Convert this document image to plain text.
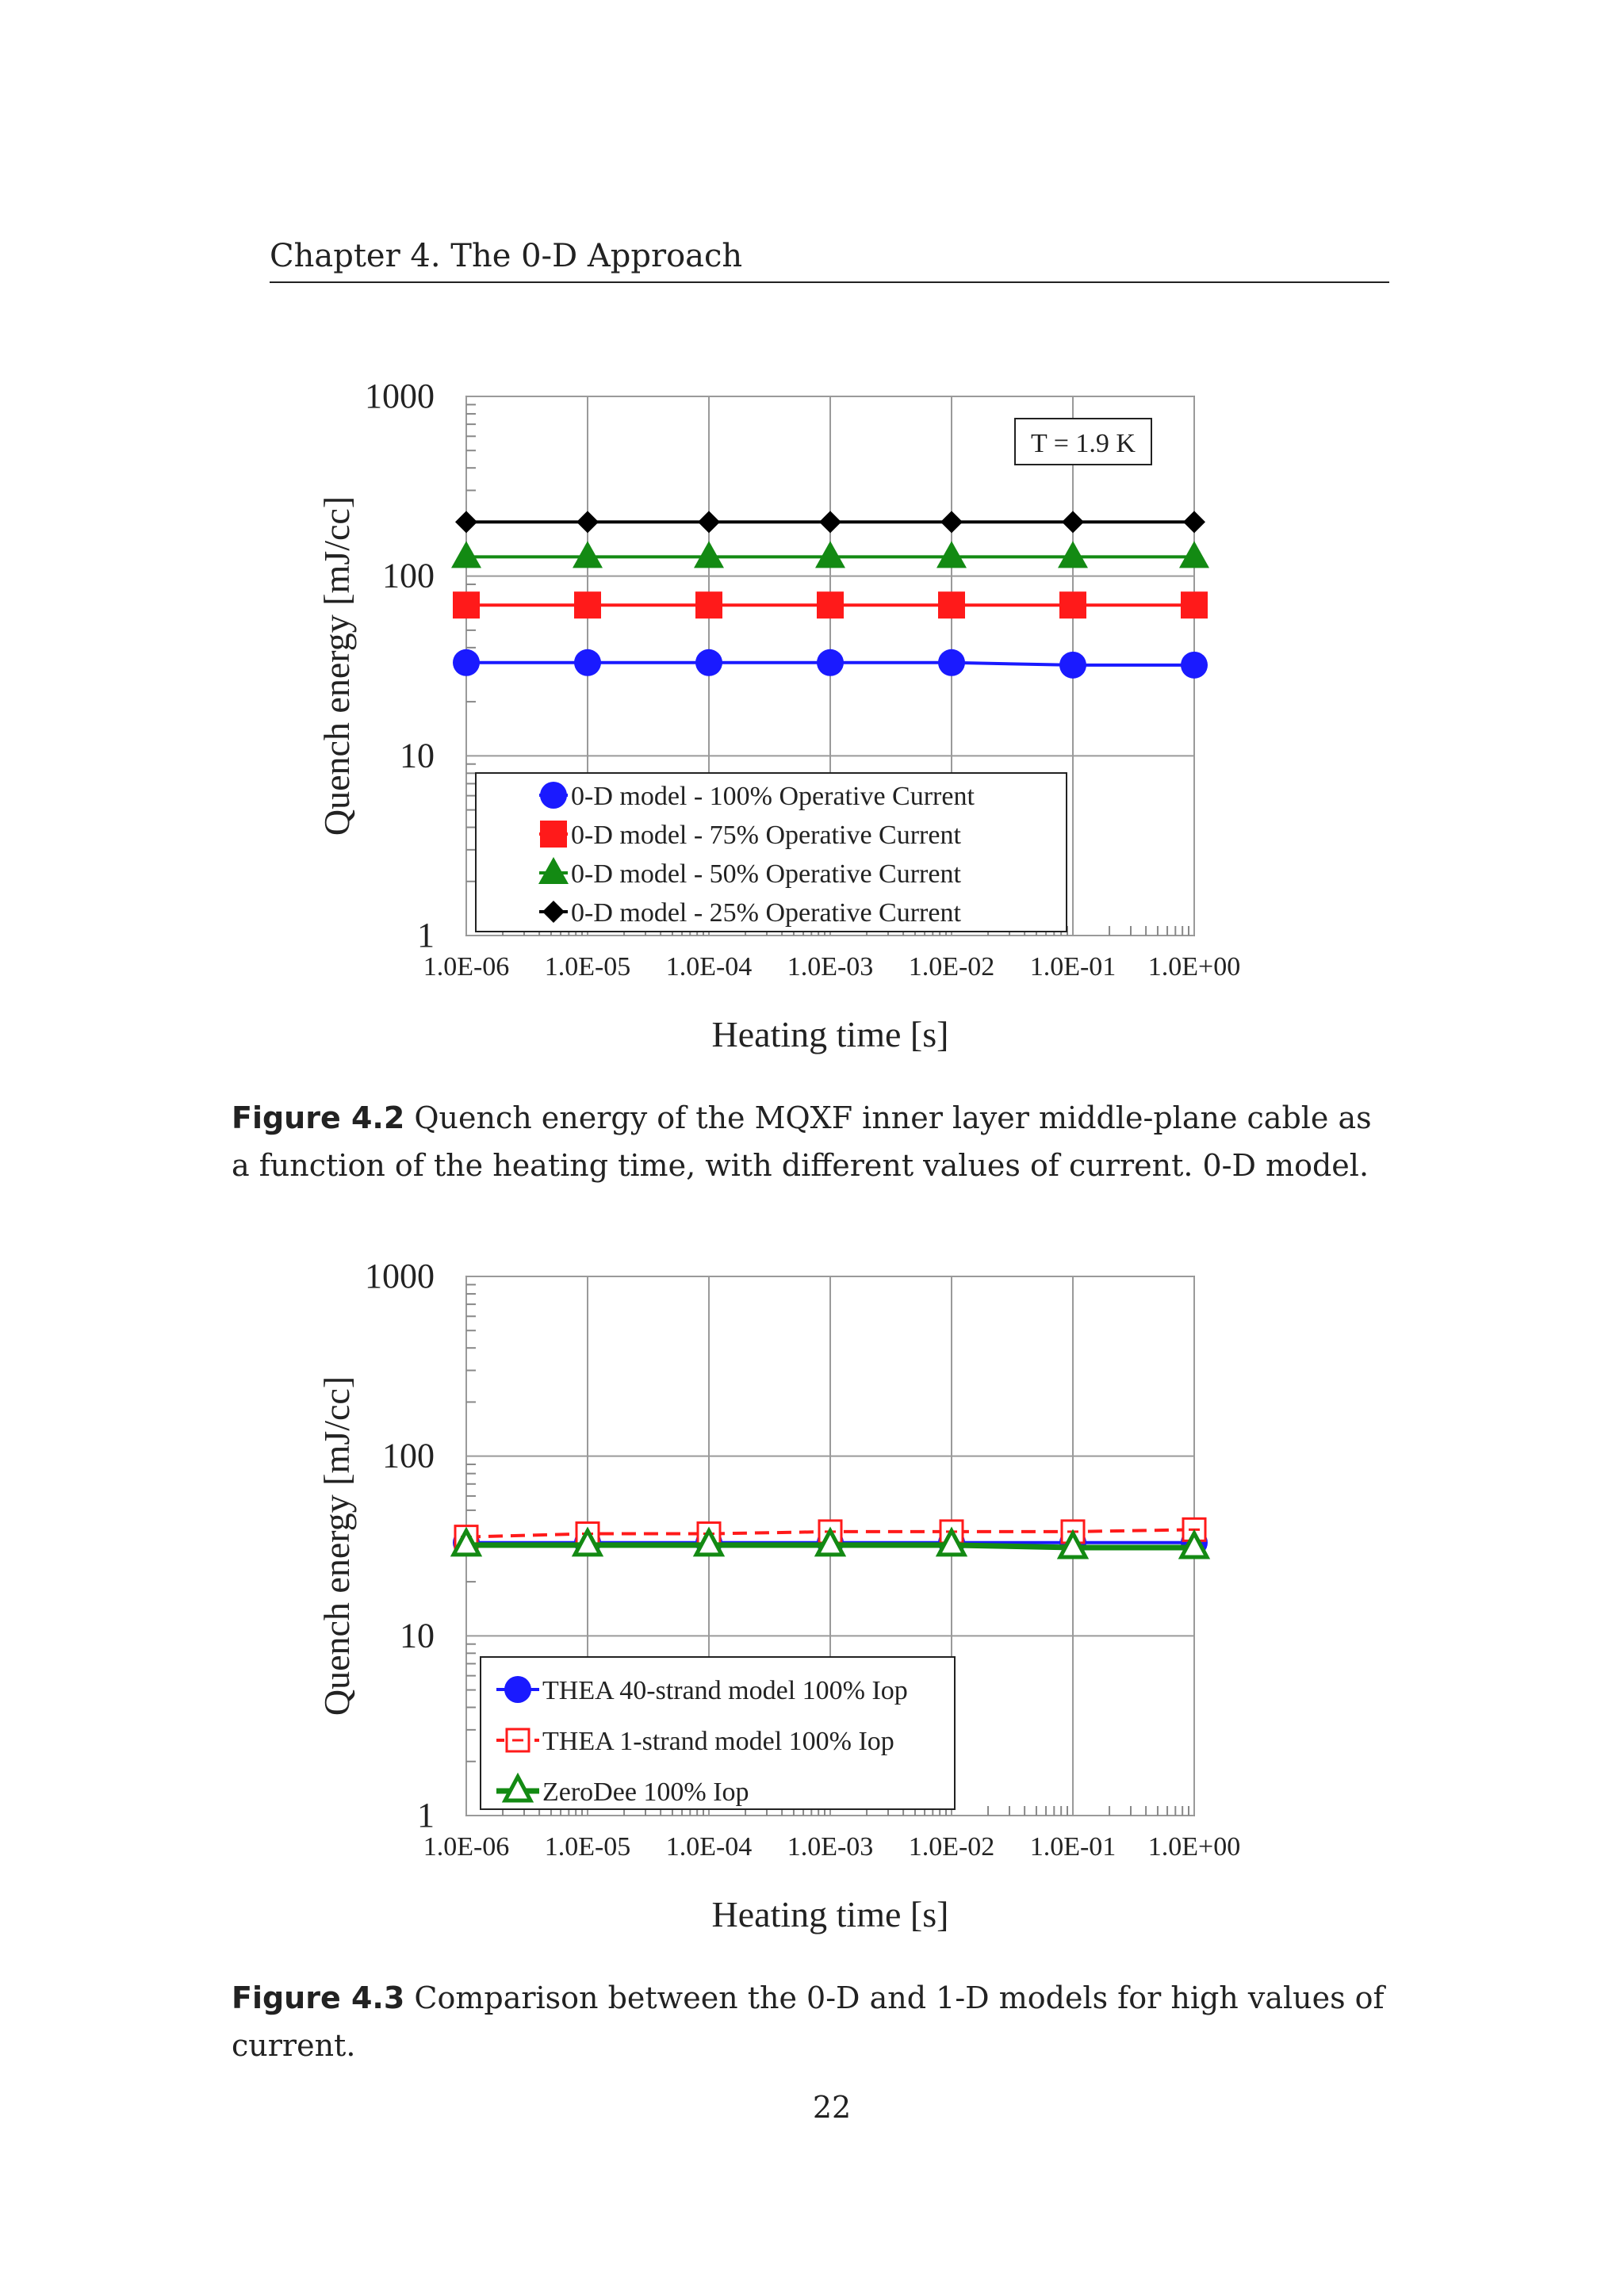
Chapter 4. The 0-D Approach
1.0E-06 1.0E-05 1.0E-04 1.0E-03 1.0E-02 1.0E-01 1.0E+00
1
10
100
1000
Heating time [s]
Quench energy [mJ/cc]
T = 1.9 K
0-D model - 100% Operative Current
0-D model - 75% Operative Current
0-D model - 50% Operative Current
0-D model - 25% Operative Current
Figure 4.2 Quench energy of the MQXF inner layer middle-plane cable as a function of the heating time, with different values of current. 0-D model.
1.0E-06 1.0E-05 1.0E-04 1.0E-03 1.0E-02 1.0E-01 1.0E+00
1
10
100
1000
Heating time [s]
Quench energy [mJ/cc]	THEA 40-strand model 100% Iop
THEA 1-strand model 100% Iop
ZeroDee 100% Iop
Figure 4.3 Comparison between the 0-D and 1-D models for high values of current.
22
